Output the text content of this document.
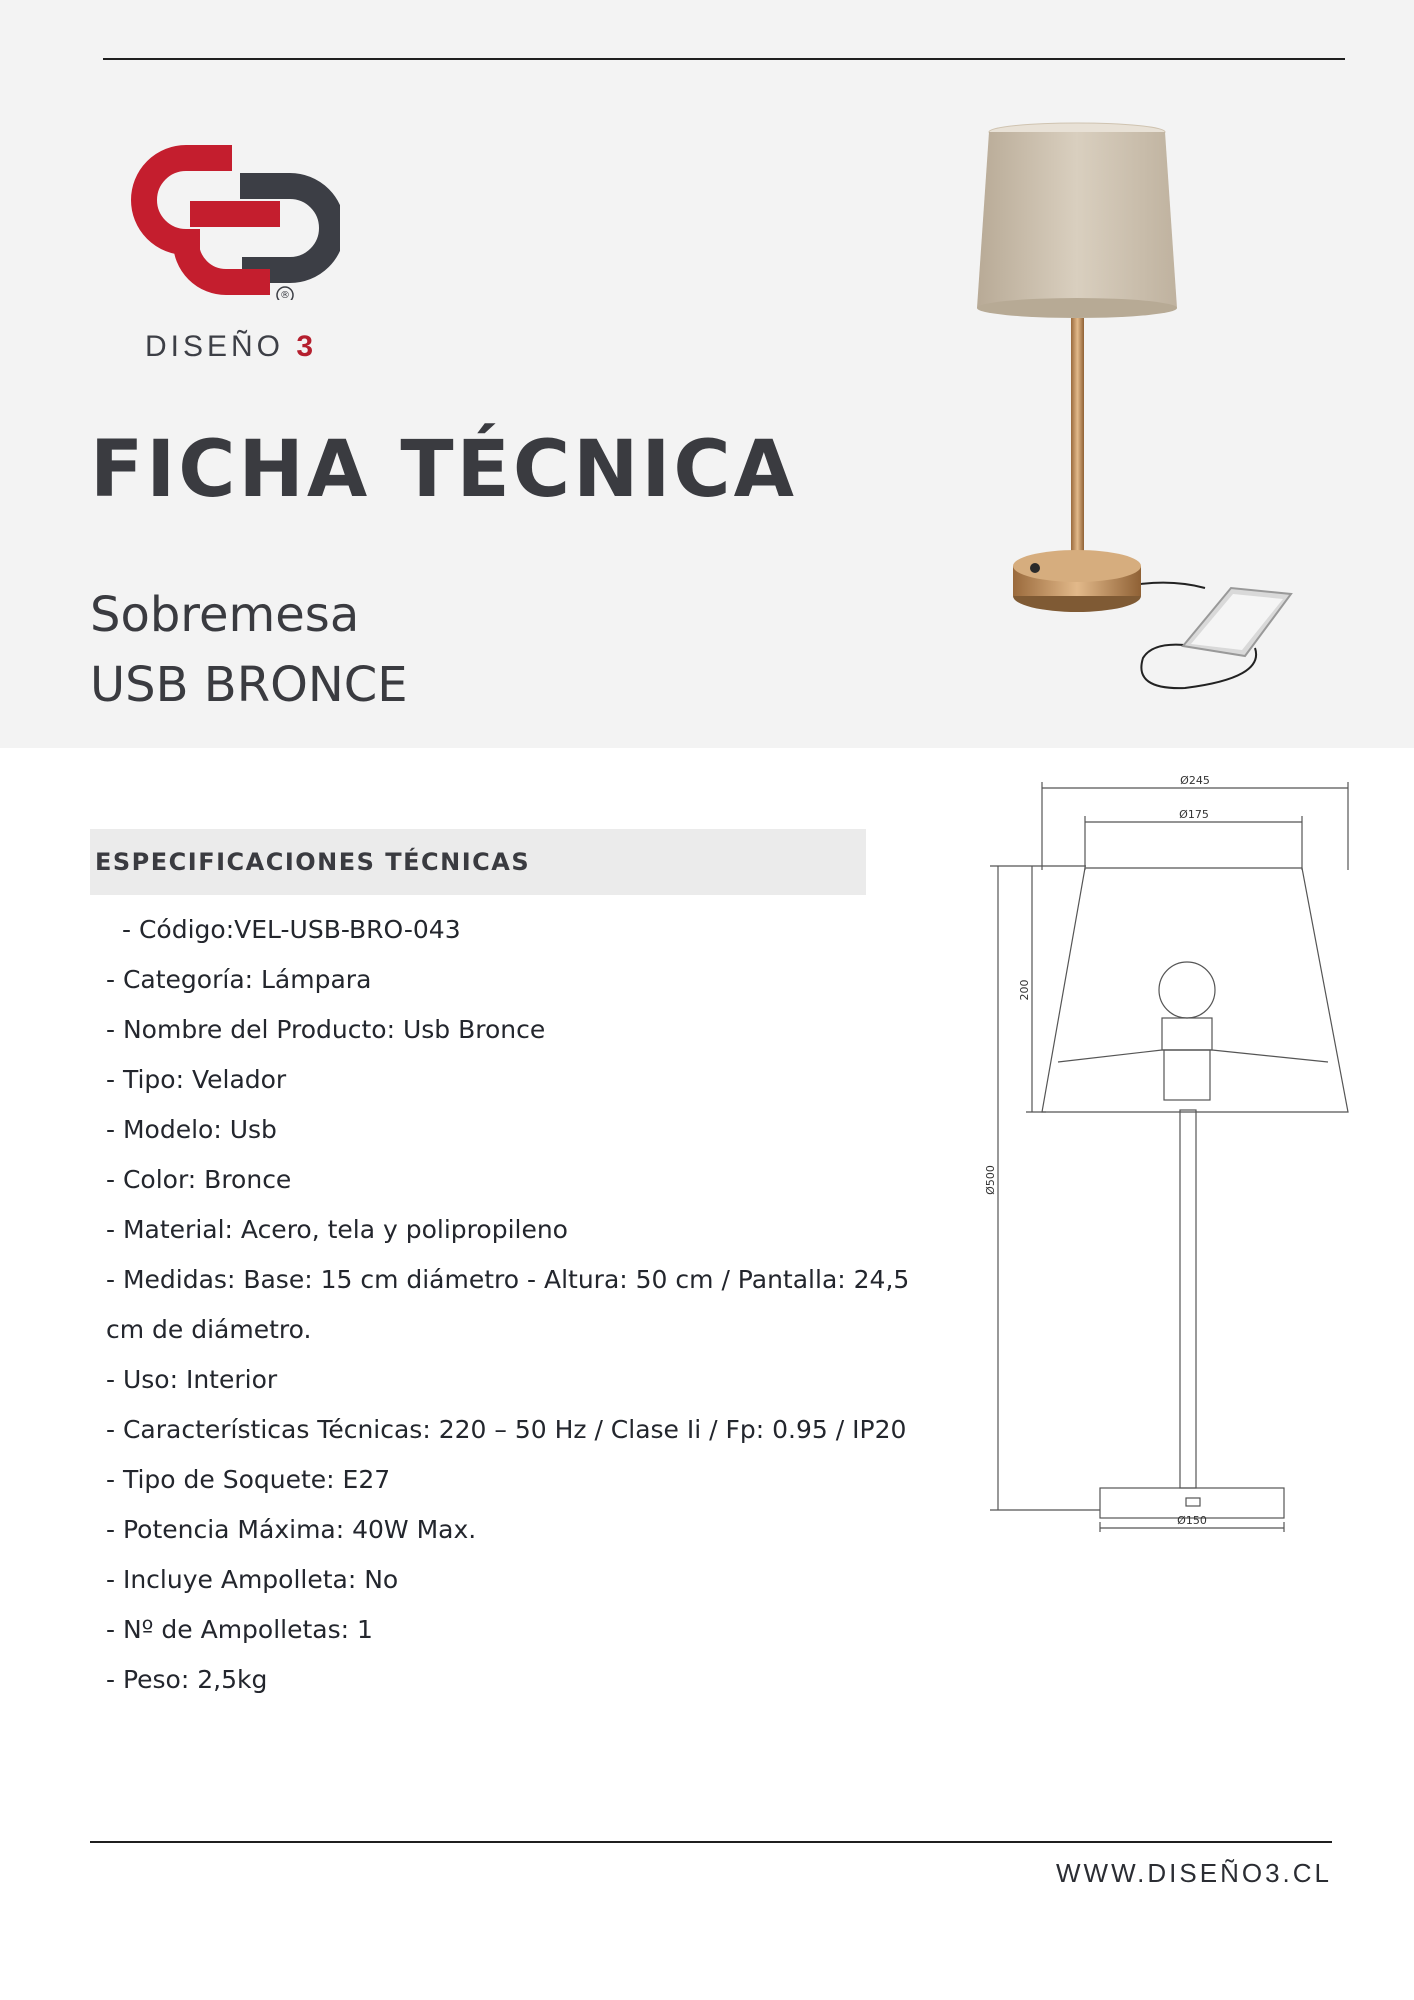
®
DISEÑO 3
FICHA TÉCNICA
Sobremesa
USB BRONCE
ESPECIFICACIONES TÉCNICAS
- Código:VEL-USB-BRO-043
- Categoría: Lámpara
- Nombre del Producto: Usb Bronce
- Tipo: Velador
- Modelo: Usb
- Color: Bronce
- Material: Acero, tela y polipropileno
- Medidas: Base: 15 cm diámetro - Altura: 50 cm / Pantalla: 24,5 cm de diámetro.
- Uso: Interior
- Características Técnicas: 220 – 50 Hz / Clase Ii / Fp: 0.95 / IP20
- Tipo de Soquete: E27
- Potencia Máxima: 40W Max.
- Incluye Ampolleta: No
- Nº de Ampolletas: 1
- Peso: 2,5kg
Ø245
Ø175
200
Ø500
Ø150
WWW.DISEÑO3.CL
